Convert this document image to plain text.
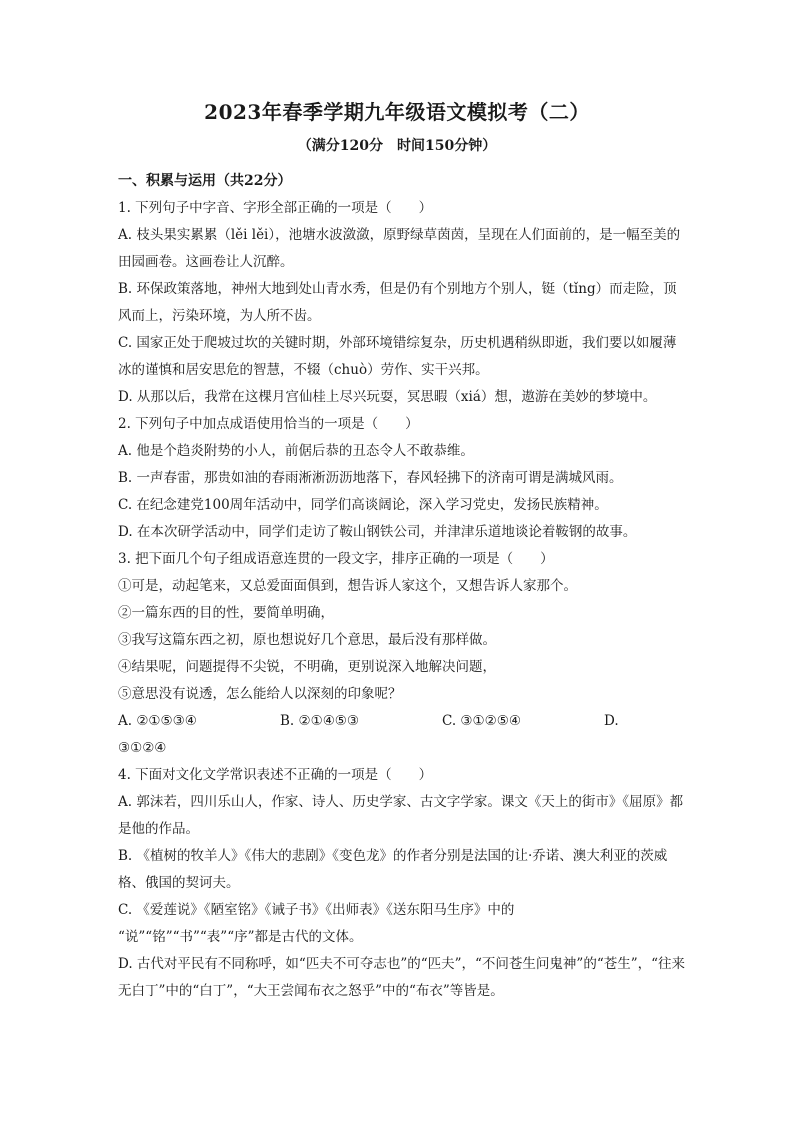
2023年春季学期九年级语文模拟考（二）
（满分120分　时间150分钟）

一、积累与运用（共22分）

1. 下列句子中字音、字形全部正确的一项是（　　）

A. 枝头果实累累（lěi lěi），池塘水波潋潋，原野绿草茵茵，呈现在人们面前的，是一幅至美的田园画卷。这画卷让人沉醉。

B. 环保政策落地，神州大地到处山青水秀，但是仍有个别地方个别人，铤（tǐng）而走险，顶风而上，污染环境，为人所不齿。

C. 国家正处于爬坡过坎的关键时期，外部环境错综复杂，历史机遇稍纵即逝，我们要以如履薄冰的谨慎和居安思危的智慧，不辍（chuò）劳作、实干兴邦。

D. 从那以后，我常在这棵月宫仙桂上尽兴玩耍，冥思暇（xiá）想，遨游在美妙的梦境中。

2. 下列句子中加点成语使用恰当的一项是（　　）

A. 他是个趋炎附势的小人，前倨后恭的丑态令人不敢恭维。

B. 一声春雷，那贵如油的春雨淅淅沥沥地落下，春风轻拂下的济南可谓是满城风雨。

C. 在纪念建党100周年活动中，同学们高谈阔论，深入学习党史，发扬民族精神。

D. 在本次研学活动中，同学们走访了鞍山钢铁公司，并津津乐道地谈论着鞍钢的故事。

3. 把下面几个句子组成语意连贯的一段文字，排序正确的一项是（　　）

①可是，动起笔来，又总爱面面俱到，想告诉人家这个，又想告诉人家那个。

②一篇东西的目的性，要简单明确，

③我写这篇东西之初，原也想说好几个意思，最后没有那样做。

④结果呢，问题提得不尖锐，不明确，更别说深入地解决问题，

⑤意思没有说透，怎么能给人以深刻的印象呢？

A. ②①⑤③④	B. ②①④⑤③	C. ③①②⑤④	D.

③①②④

4. 下面对文化文学常识表述不正确的一项是（　　）

A. 郭沫若，四川乐山人，作家、诗人、历史学家、古文字学家。课文《天上的街市》《屈原》都是他的作品。

B. 《植树的牧羊人》《伟大的悲剧》《变色龙》的作者分别是法国的让·乔诺、澳大利亚的茨威格、俄国的契诃夫。

C. 《爱莲说》《陋室铭》《诫子书》《出师表》《送东阳马生序》中的

“说”“铭”“书”“表”“序”都是古代的文体。

D. 古代对平民有不同称呼，如“匹夫不可夺志也”的“匹夫”，“不问苍生问鬼神”的“苍生”，“往来无白丁”中的“白丁”，“大王尝闻布衣之怒乎”中的“布衣”等皆是。
